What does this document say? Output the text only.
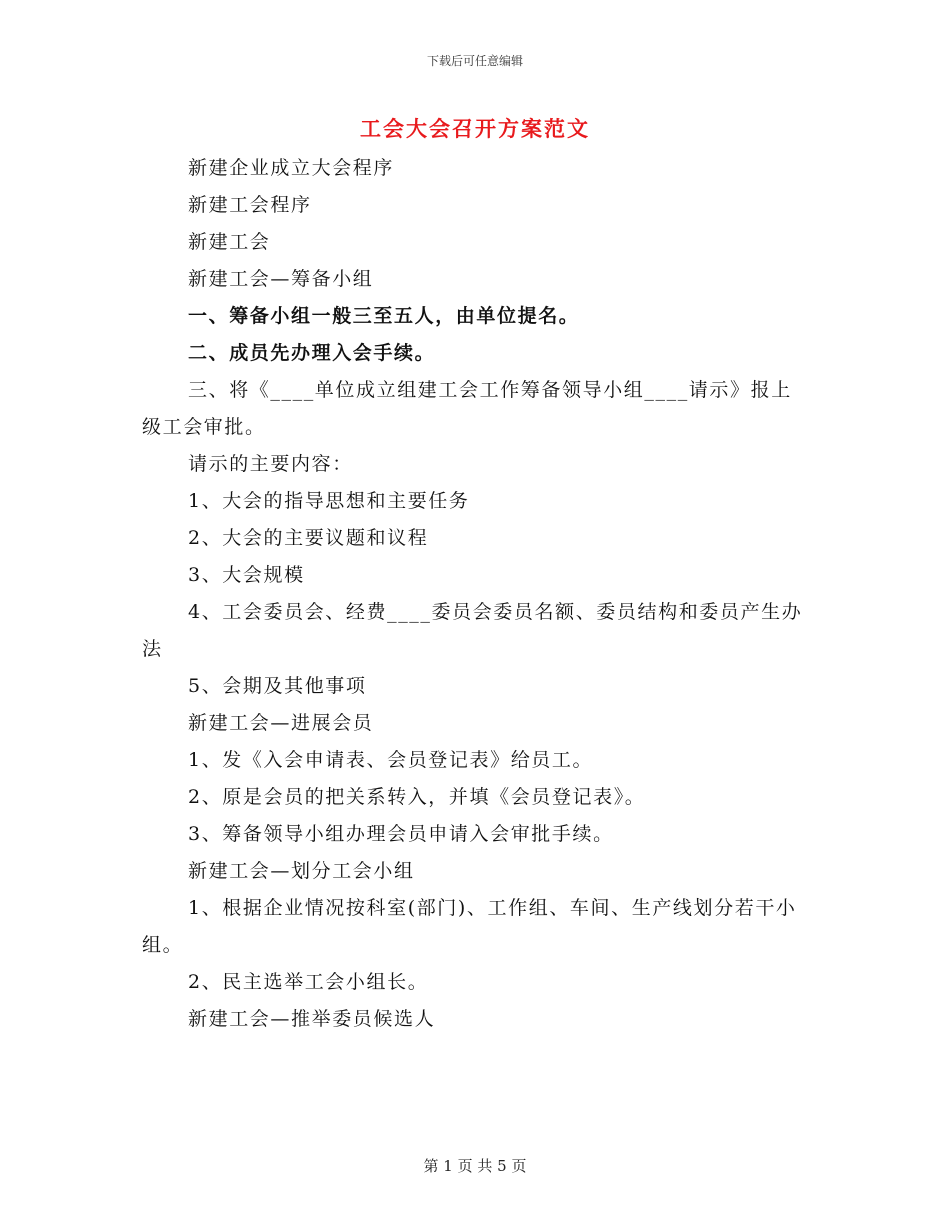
下载后可任意编辑
工会大会召开方案范文

新建企业成立大会程序

新建工会程序

新建工会

新建工会—筹备小组

一、筹备小组一般三至五人，由单位提名。

二、成员先办理入会手续。

三、将《____单位成立组建工会工作筹备领导小组____请示》报上级工会审批。

请示的主要内容：

1、大会的指导思想和主要任务

2、大会的主要议题和议程

3、大会规模

4、工会委员会、经费____委员会委员名额、委员结构和委员产生办法

5、会期及其他事项

新建工会—进展会员

1、发《入会申请表、会员登记表》给员工。

2、原是会员的把关系转入，并填《会员登记表》。

3、筹备领导小组办理会员申请入会审批手续。

新建工会—划分工会小组

1、根据企业情况按科室(部门)、工作组、车间、生产线划分若干小组。

2、民主选举工会小组长。

新建工会—推举委员候选人

第 1 页 共 5 页
